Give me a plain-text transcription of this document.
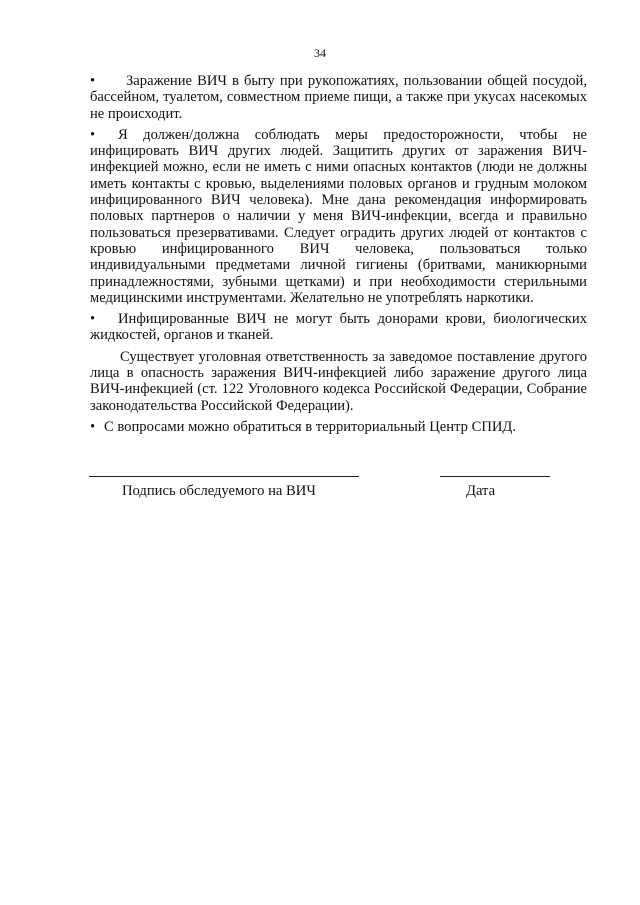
34
•	Заражение ВИЧ в быту при рукопожатиях, пользовании общей посудой, бассейном, туалетом, совместном приеме пищи, а также при укусах насекомых не происходит.

•	Я должен/должна соблюдать меры предосторожности, чтобы не инфицировать ВИЧ других людей. Защитить других от заражения ВИЧ-инфекцией можно, если не иметь с ними опасных контактов (люди не должны иметь контакты с кровью, выделениями половых органов и грудным молоком инфицированного ВИЧ человека). Мне дана рекомендация информировать половых партнеров о наличии у меня ВИЧ-инфекции, всегда и правильно пользоваться презервативами. Следует оградить других людей от контактов с кровью инфицированного ВИЧ человека, пользоваться только индивидуальными предметами личной гигиены (бритвами, маникюрными принадлежностями, зубными щетками) и при необходимости стерильными медицинскими инструментами. Желательно не употреблять наркотики.

•	Инфицированные ВИЧ не могут быть донорами крови, биологических жидкостей, органов и тканей.

Существует уголовная ответственность за заведомое поставление другого лица в опасность заражения ВИЧ-инфекцией либо заражение другого лица ВИЧ-инфекцией (ст. 122 Уголовного кодекса Российской Федерации, Собрание законодательства Российской Федерации).

• С вопросами можно обратиться в территориальный Центр СПИД.

Подпись обследуемого на ВИЧ	Дата
